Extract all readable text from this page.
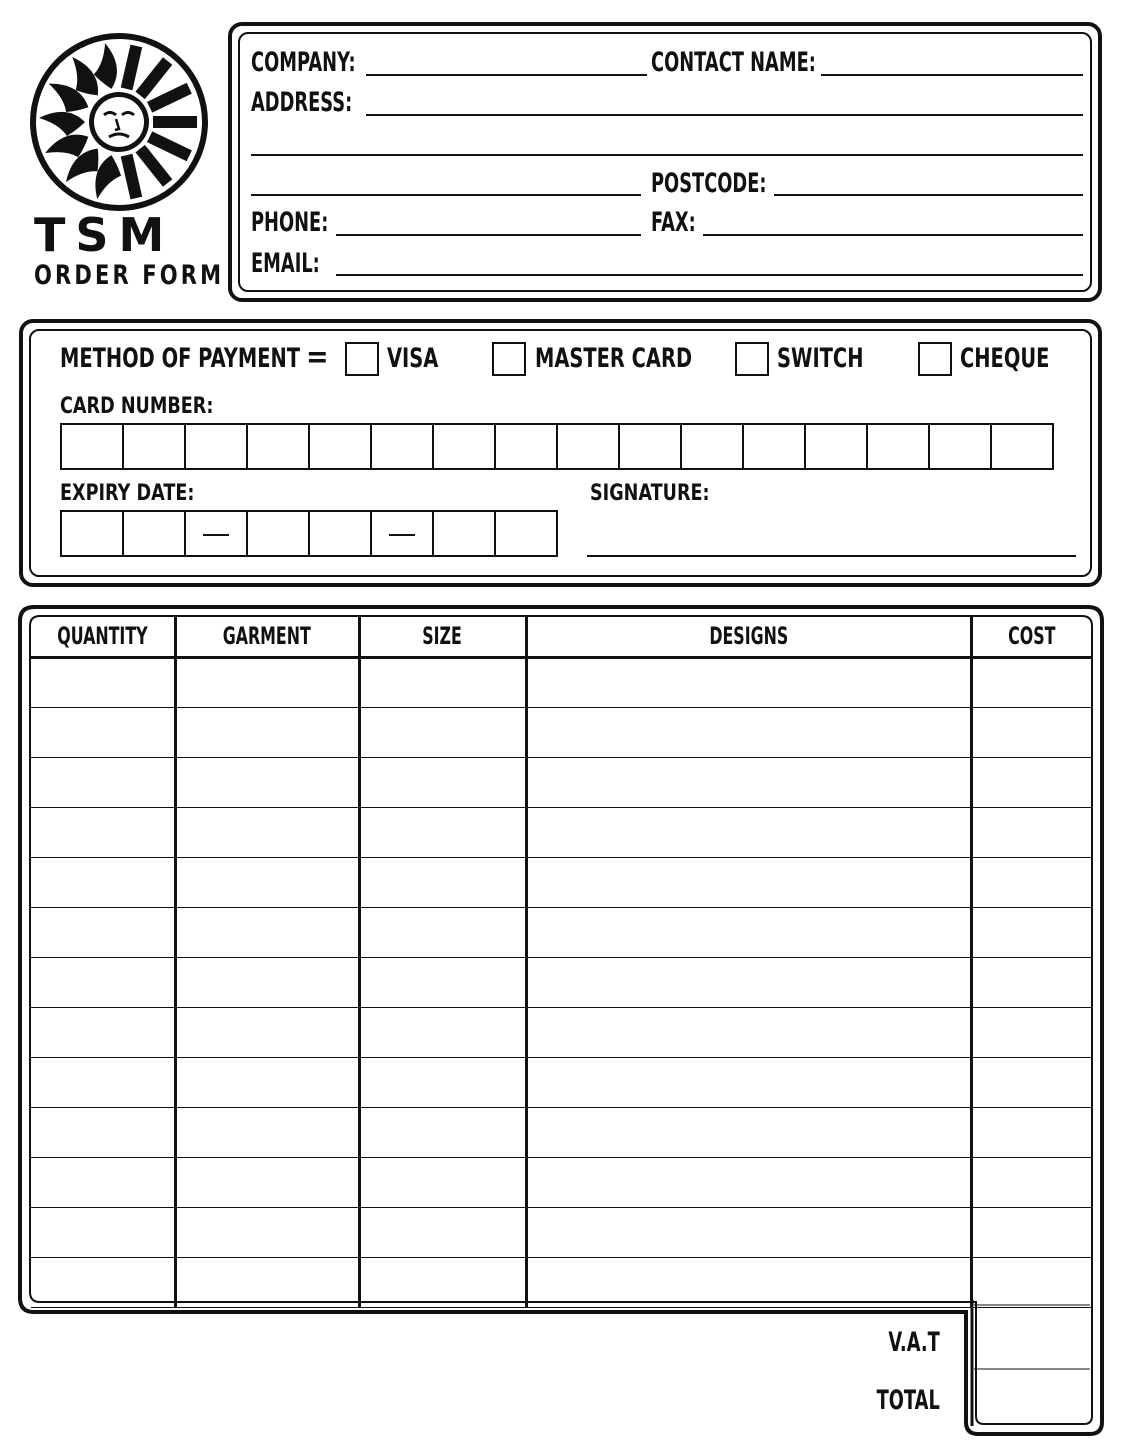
TSM
ORDER FORM
COMPANY:	CONTACT NAME:
ADDRESS:
POSTCODE:
PHONE:	FAX:
EMAIL:
METHOD OF PAYMENT = VISA	MASTER CARD	SWITCH	CHEQUE
CARD NUMBER:
EXPIRY DATE:	SIGNATURE:
QUANTITY	GARMENT	SIZE	DESIGNS	COST

V.A.T
TOTAL
